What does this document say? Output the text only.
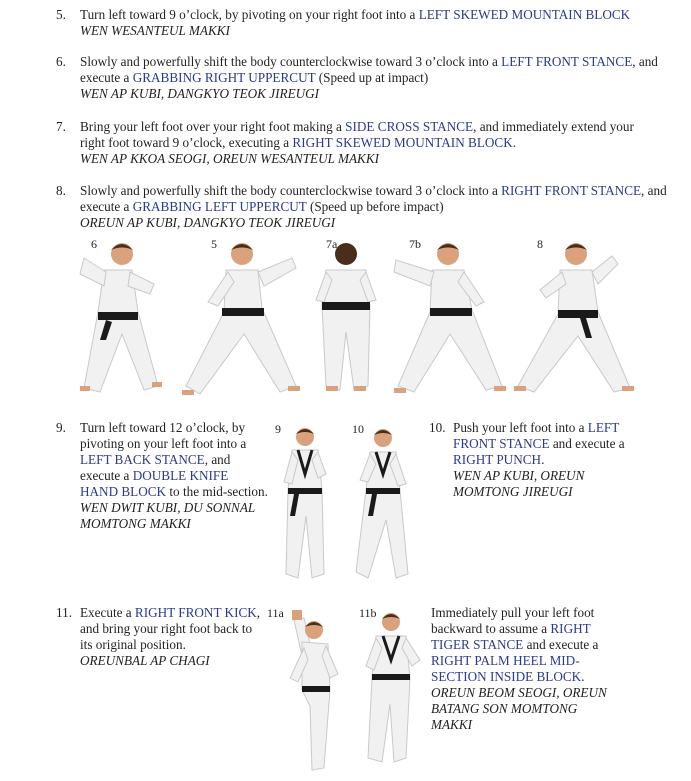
5. Turn left toward 9 o’clock, by pivoting on your right foot into a LEFT SKEWED MOUNTAIN BLOCK
WEN WESANTEUL MAKKI
6. Slowly and powerfully shift the body counterclockwise toward 3 o’clock into a LEFT FRONT STANCE, and execute a GRABBING RIGHT UPPERCUT (Speed up at impact)
WEN AP KUBI, DANGKYO TEOK JIREUGI
7. Bring your left foot over your right foot making a SIDE CROSS STANCE, and immediately extend your right foot toward 9 o’clock, executing a RIGHT SKEWED MOUNTAIN BLOCK.
WEN AP KKOA SEOGI, OREUN WESANTEUL MAKKI
8. Slowly and powerfully shift the body counterclockwise toward 3 o’clock into a RIGHT FRONT STANCE, and execute a GRABBING LEFT UPPERCUT (Speed up before impact)
OREUN AP KUBI, DANGKYO TEOK JIREUGI
9. Turn left toward 12 o’clock, by pivoting on your left foot into a LEFT BACK STANCE, and execute a DOUBLE KNIFE HAND BLOCK to the mid-section.
WEN DWIT KUBI, DU SONNAL MOMTONG MAKKI
10. Push your left foot into a LEFT FRONT STANCE and execute a RIGHT PUNCH.
WEN AP KUBI, OREUN MOMTONG JIREUGI
11. Execute a RIGHT FRONT KICK, and bring your right foot back to its original position.
OREUNBAL AP CHAGI
Immediately pull your left foot backward to assume a RIGHT TIGER STANCE and execute a RIGHT PALM HEEL MID-SECTION INSIDE BLOCK.
OREUN BEOM SEOGI, OREUN BATANG SON MOMTONG MAKKI
6	5	7a	7b	8
9	10
11a	11b
